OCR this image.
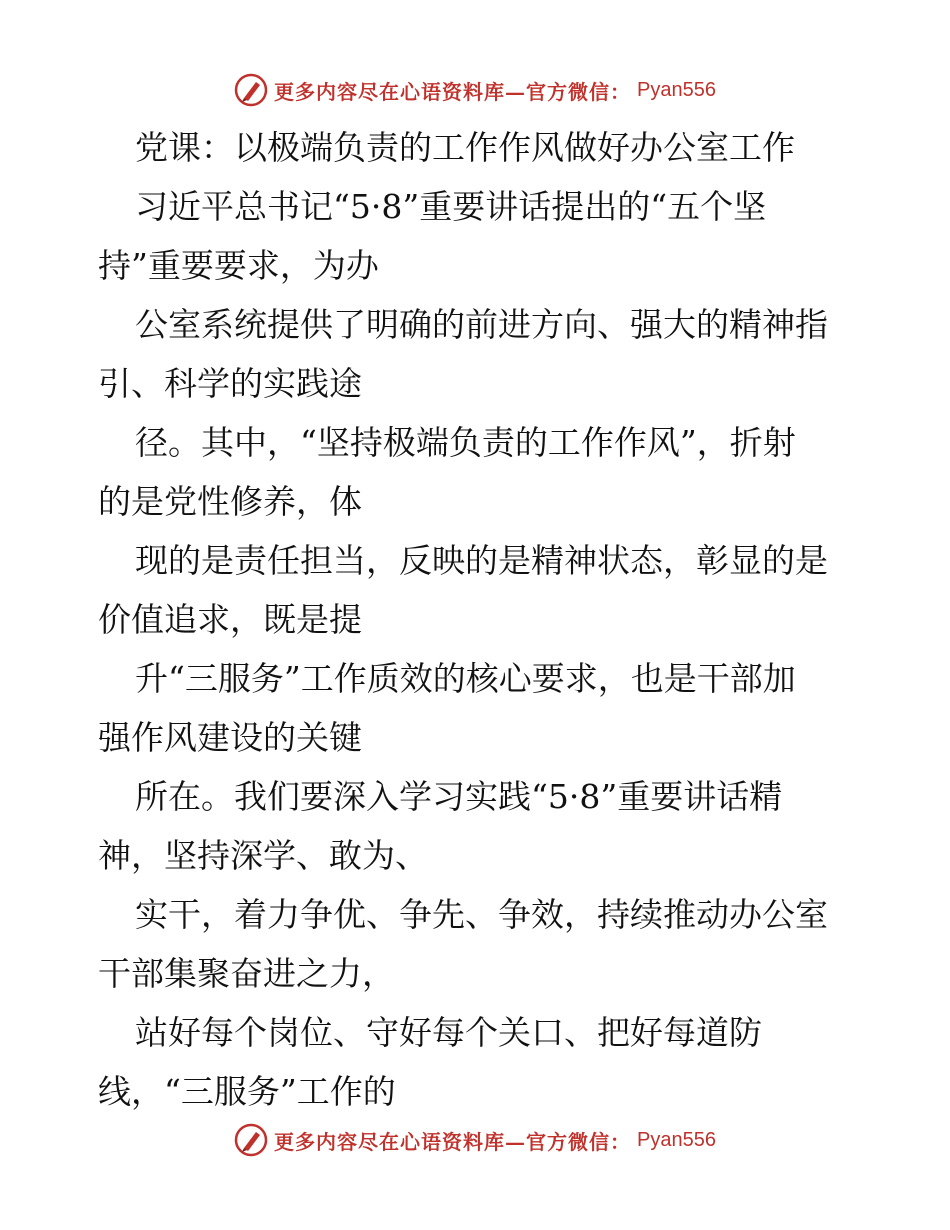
更多内容尽在心语资料库—官方微信： Pyan556
党课：以极端负责的工作作风做好办公室工作
习近平总书记“5·8”重要讲话提出的“五个坚
持”重要要求，为办
公室系统提供了明确的前进方向、强大的精神指
引、科学的实践途
径。其中，“坚持极端负责的工作作风”，折射
的是党性修养，体
现的是责任担当，反映的是精神状态，彰显的是
价值追求，既是提
升“三服务”工作质效的核心要求，也是干部加
强作风建设的关键
所在。我们要深入学习实践“5·8”重要讲话精
神，坚持深学、敢为、
实干，着力争优、争先、争效，持续推动办公室
干部集聚奋进之力，
站好每个岗位、守好每个关口、把好每道防
线，“三服务”工作的
更多内容尽在心语资料库—官方微信： Pyan556
